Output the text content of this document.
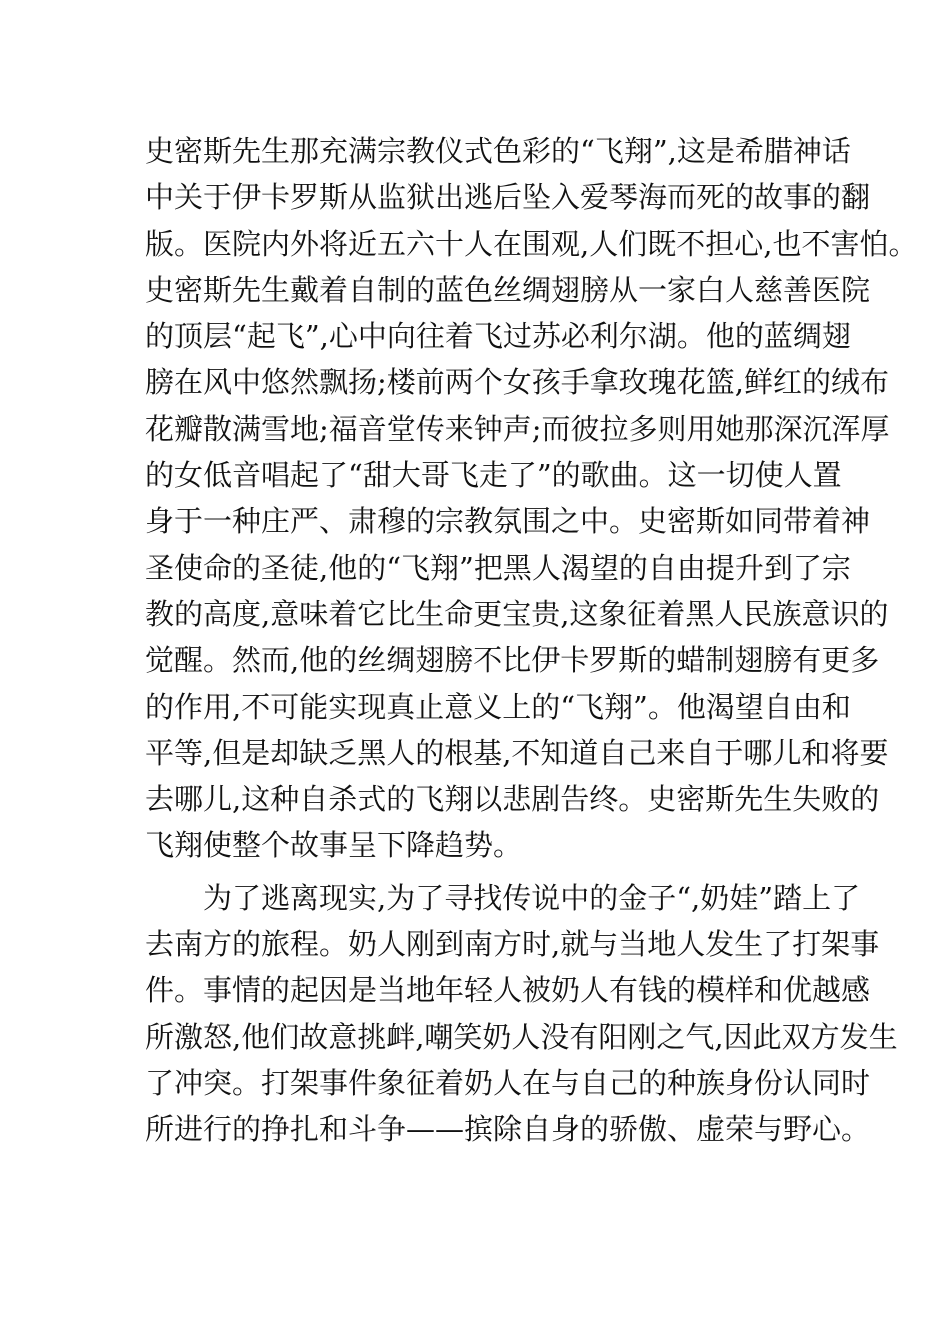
史密斯先生那充满宗教仪式色彩的“飞翔”,这是希腊神话
中关于伊卡罗斯从监狱出逃后坠入爱琴海而死的故事的翻
版。医院内外将近五六十人在围观,人们既不担心,也不害怕。
史密斯先生戴着自制的蓝色丝绸翅膀从一家白人慈善医院
的顶层“起飞”,心中向往着飞过苏必利尔湖。他的蓝绸翅
膀在风中悠然飘扬;楼前两个女孩手拿玫瑰花篮,鲜红的绒布
花瓣散满雪地;福音堂传来钟声;而彼拉多则用她那深沉浑厚
的女低音唱起了“甜大哥飞走了”的歌曲。这一切使人置
身于一种庄严、肃穆的宗教氛围之中。史密斯如同带着神
圣使命的圣徒,他的“飞翔”把黑人渴望的自由提升到了宗
教的高度,意味着它比生命更宝贵,这象征着黑人民族意识的
觉醒。然而,他的丝绸翅膀不比伊卡罗斯的蜡制翅膀有更多
的作用,不可能实现真止意义上的“飞翔”。他渴望自由和
平等,但是却缺乏黑人的根基,不知道自己来自于哪儿和将要
去哪儿,这种自杀式的飞翔以悲剧告终。史密斯先生失败的
飞翔使整个故事呈下降趋势。
　　为了逃离现实,为了寻找传说中的金子“,奶娃”踏上了
去南方的旅程。奶人刚到南方时,就与当地人发生了打架事
件。事情的起因是当地年轻人被奶人有钱的模样和优越感
所激怒,他们故意挑衅,嘲笑奶人没有阳刚之气,因此双方发生
了冲突。打架事件象征着奶人在与自己的种族身份认同时
所进行的挣扎和斗争——摈除自身的骄傲、虚荣与野心。
